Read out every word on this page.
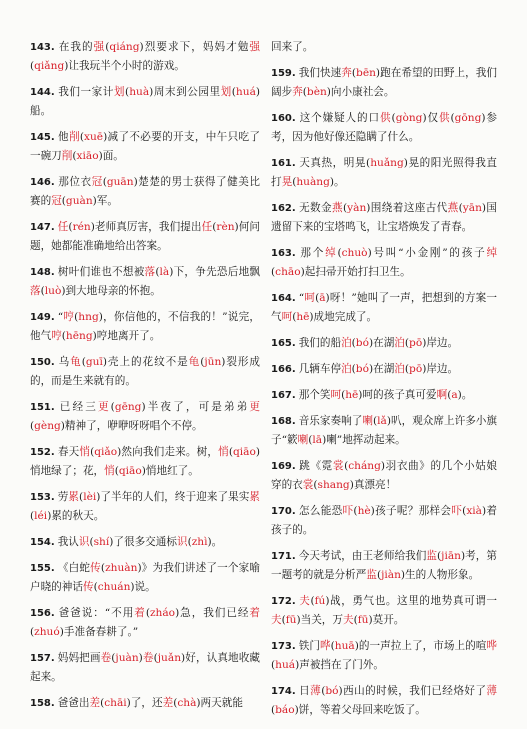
143. 在我的强(qiáng)烈要求下，妈妈才勉强(qiǎng)让我玩半个小时的游戏。
144. 我们一家计划(huà)周末到公园里划(huá)船。
145. 他削(xuē)减了不必要的开支，中午只吃了一碗刀削(xiāo)面。
146. 那位衣冠(guān)楚楚的男士获得了健美比赛的冠(guàn)军。
147. 任(rén)老师真厉害，我们提出任(rèn)何问题，她都能准确地给出答案。
148. 树叶们谁也不想被落(là)下，争先恐后地飘落(luò)到大地母亲的怀抱。
149. “哼(hng)，你信他的，不信我的！”说完，他气哼(hēng)哼地离开了。
150. 乌龟(guī)壳上的花纹不是龟(jūn)裂形成的，而是生来就有的。
151. 已经三更(gēng)半夜了，可是弟弟更(gèng)精神了，咿咿呀呀唱个不停。
152. 春天悄(qiǎo)然向我们走来。树，悄(qiāo)悄地绿了；花，悄(qiāo)悄地红了。
153. 劳累(lèi)了半年的人们，终于迎来了果实累(léi)累的秋天。
154. 我认识(shí)了很多交通标识(zhì)。
155. 《白蛇传(zhuàn)》为我们讲述了一个家喻户晓的神话传(chuán)说。
156. 爸爸说：“不用着(zháo)急，我们已经着(zhuó)手准备春耕了。”
157. 妈妈把画卷(juàn)卷(juǎn)好，认真地收藏起来。
158. 爸爸出差(chāi)了，还差(chà)两天就能
回来了。
159. 我们快速奔(bēn)跑在希望的田野上，我们阔步奔(bèn)向小康社会。
160. 这个嫌疑人的口供(gòng)仅供(gōng)参考，因为他好像还隐瞒了什么。
161. 天真热，明晃(huǎng)晃的阳光照得我直打晃(huàng)。
162. 无数金燕(yàn)围绕着这座古代燕(yān)国遗留下来的宝塔鸣飞，让宝塔焕发了青春。
163. 那个绰(chuò)号叫“小金刚”的孩子绰(chāo)起扫帚开始打扫卫生。
164. “呵(ā)呀！”她叫了一声，把想到的方案一气呵(hē)成地完成了。
165. 我们的船泊(bó)在湖泊(pō)岸边。
166. 几辆车停泊(bó)在湖泊(pō)岸边。
167. 那个笑呵(hē)呵的孩子真可爱啊(a)。
168. 音乐家奏响了喇(lǎ)叭，观众席上许多小旗子“簌喇(lā)喇”地挥动起来。
169. 跳《霓裳(cháng)羽衣曲》的几个小姑娘穿的衣裳(shang)真漂亮！
170. 怎么能恐吓(hè)孩子呢？那样会吓(xià)着孩子的。
171. 今天考试，由王老师给我们监(jiān)考，第一题考的就是分析严监(jiàn)生的人物形象。
172. 夫(fú)战，勇气也。这里的地势真可谓一夫(fū)当关，万夫(fū)莫开。
173. 铁门哗(huā)的一声拉上了，市场上的喧哗(huá)声被挡在了门外。
174. 日薄(bó)西山的时候，我们已经烙好了薄(báo)饼，等着父母回来吃饭了。
